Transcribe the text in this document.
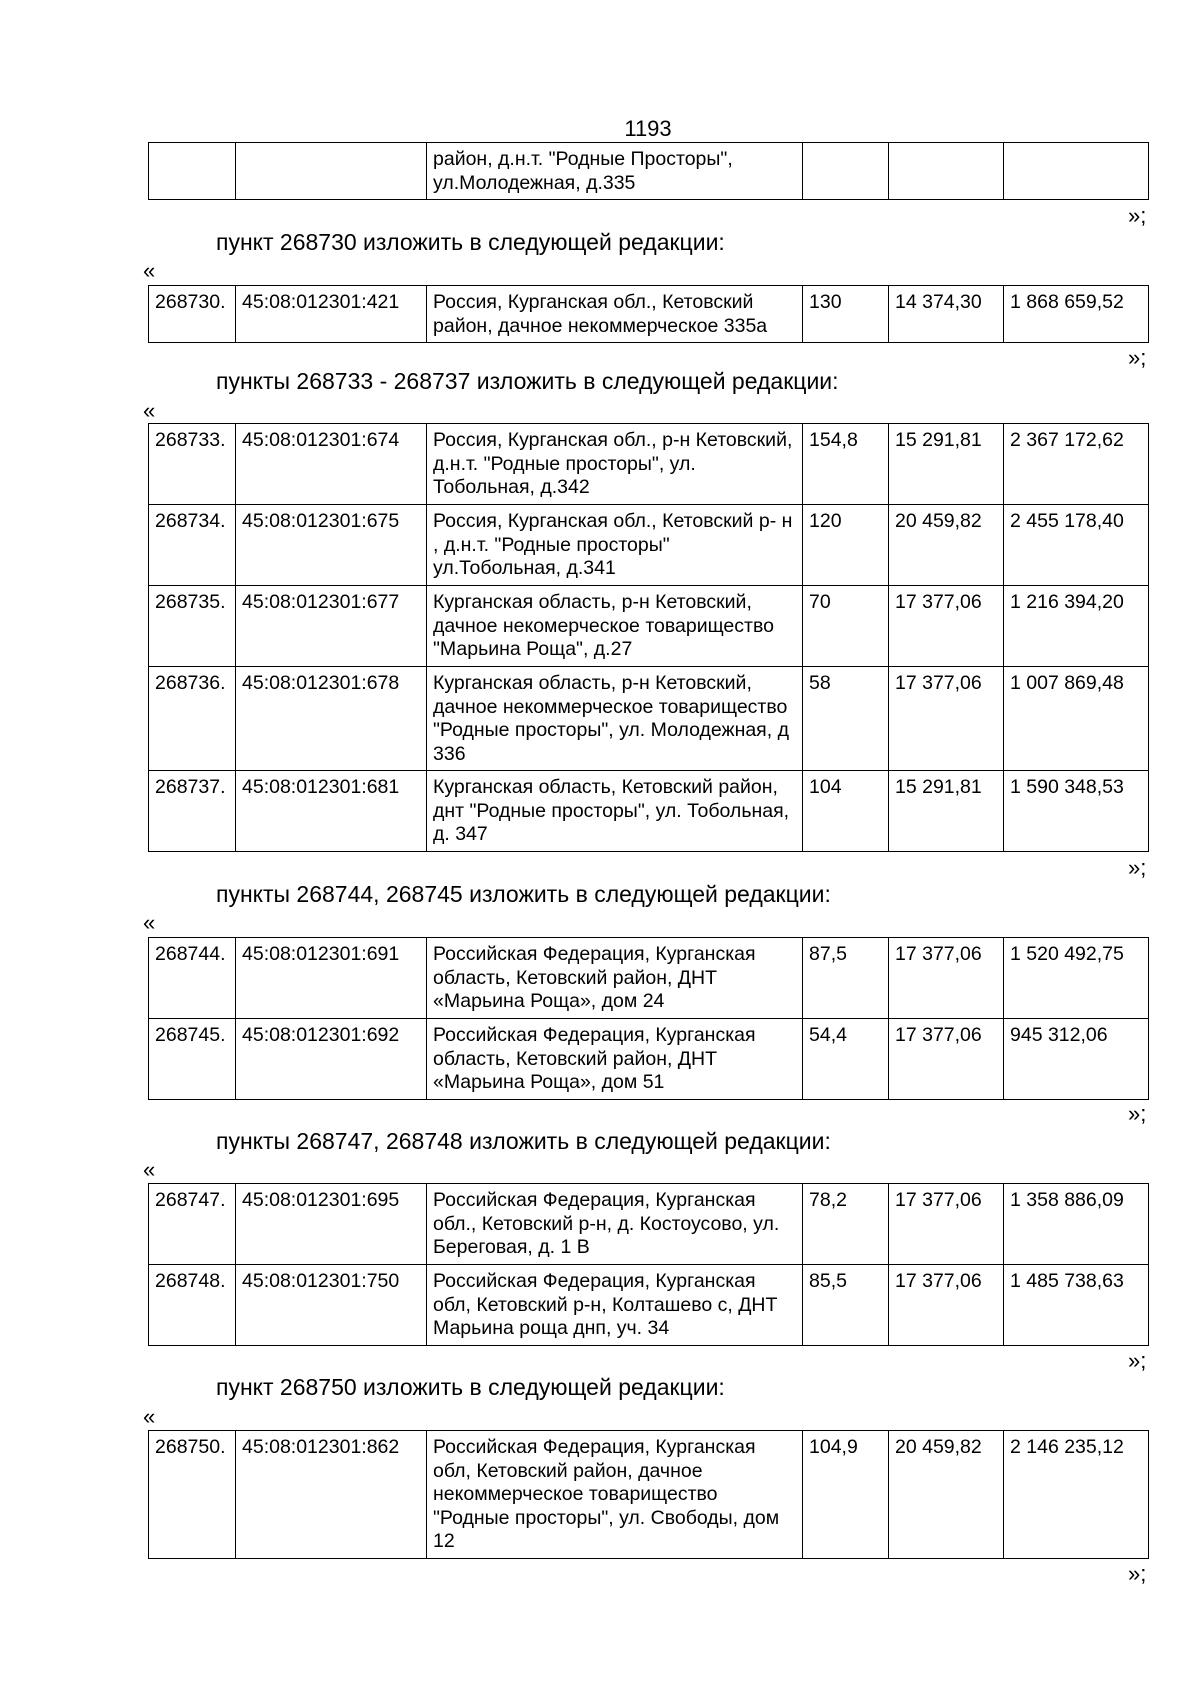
1193
		район, д.н.т. "Родные Просторы", ул.Молодежная, д.335			
»;
пункт 268730 изложить в следующей редакции:
«
268730.	45:08:012301:421	Россия, Курганская обл., Кетовский район, дачное некоммерческое 335а	130	14 374,30	1 868 659,52
»;
пункты 268733 - 268737 изложить в следующей редакции:
«
268733.	45:08:012301:674	Россия, Курганская обл., р-н Кетовский, д.н.т. "Родные просторы", ул. Тобольная, д.342	154,8	15 291,81	2 367 172,62
268734.	45:08:012301:675	Россия, Курганская обл., Кетовский р- н , д.н.т. "Родные просторы" ул.Тобольная, д.341	120	20 459,82	2 455 178,40
268735.	45:08:012301:677	Курганская область, р-н Кетовский, дачное некомерческое товарищество "Марьина Роща", д.27	70	17 377,06	1 216 394,20
268736.	45:08:012301:678	Курганская область, р-н Кетовский, дачное некоммерческое товарищество "Родные просторы", ул. Молодежная, д 336	58	17 377,06	1 007 869,48
268737.	45:08:012301:681	Курганская область, Кетовский район, днт "Родные просторы", ул. Тобольная, д. 347	104	15 291,81	1 590 348,53
»;
пункты 268744, 268745 изложить в следующей редакции:
«
268744.	45:08:012301:691	Российская Федерация, Курганская область, Кетовский район, ДНТ «Марьина Роща», дом 24	87,5	17 377,06	1 520 492,75
268745.	45:08:012301:692	Российская Федерация, Курганская область, Кетовский район, ДНТ «Марьина Роща», дом 51	54,4	17 377,06	945 312,06
»;
пункты 268747, 268748 изложить в следующей редакции:
«
268747.	45:08:012301:695	Российская Федерация, Курганская обл., Кетовский р-н, д. Костоусово, ул. Береговая, д. 1 В	78,2	17 377,06	1 358 886,09
268748.	45:08:012301:750	Российская Федерация, Курганская обл, Кетовский р-н, Колташево с, ДНТ Марьина роща днп, уч. 34	85,5	17 377,06	1 485 738,63
»;
пункт 268750 изложить в следующей редакции:
«
268750.	45:08:012301:862	Российская Федерация, Курганская обл, Кетовский район, дачное некоммерческое товарищество "Родные просторы", ул. Свободы, дом 12	104,9	20 459,82	2 146 235,12
»;
